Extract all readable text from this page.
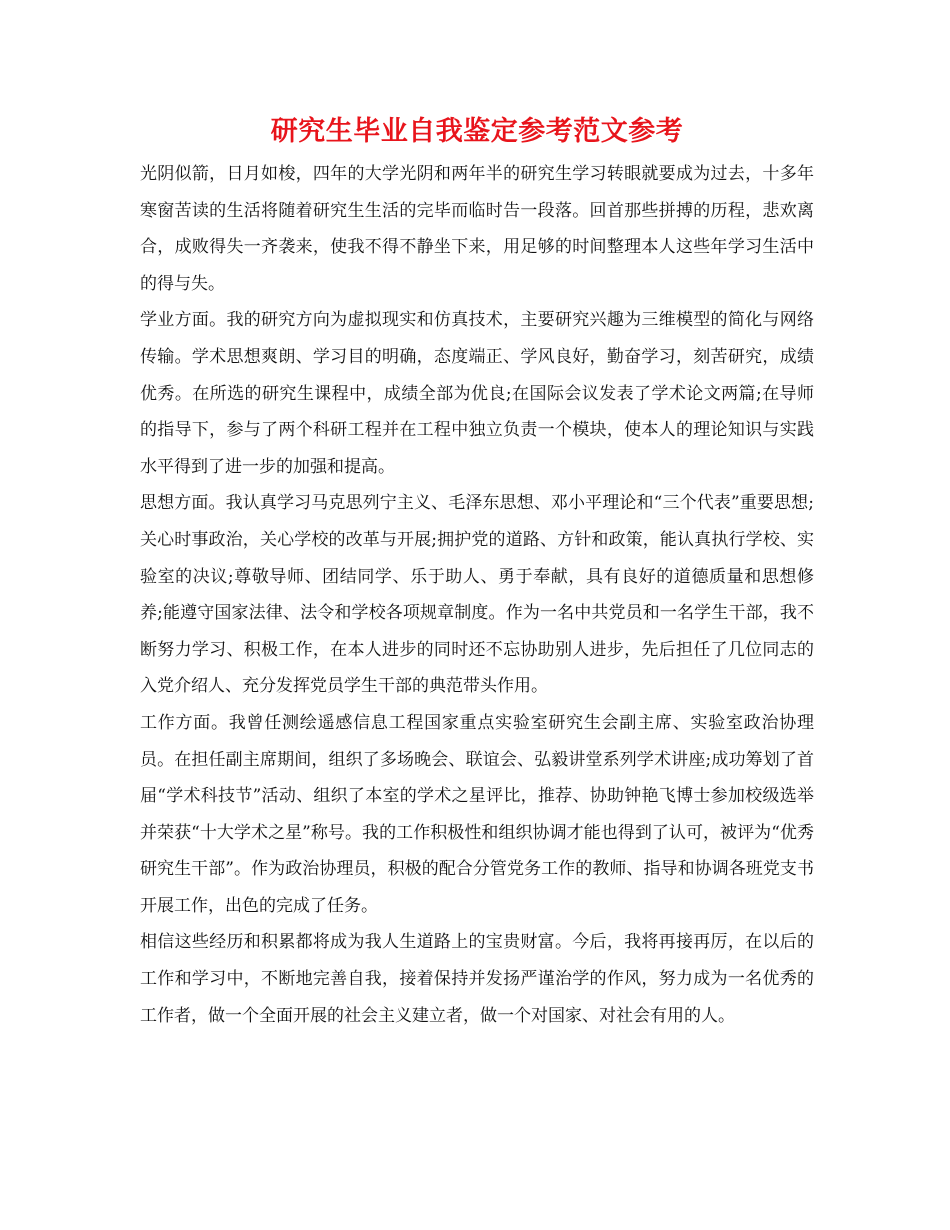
研究生毕业自我鉴定参考范文参考

光阴似箭，日月如梭，四年的大学光阴和两年半的研究生学习转眼就要成为过去，十多年寒窗苦读的生活将随着研究生生活的完毕而临时告一段落。回首那些拼搏的历程，悲欢离合，成败得失一齐袭来，使我不得不静坐下来，用足够的时间整理本人这些年学习生活中的得与失。

学业方面。我的研究方向为虚拟现实和仿真技术，主要研究兴趣为三维模型的简化与网络传输。学术思想爽朗、学习目的明确，态度端正、学风良好，勤奋学习，刻苦研究，成绩优秀。在所选的研究生课程中，成绩全部为优良;在国际会议发表了学术论文两篇;在导师的指导下，参与了两个科研工程并在工程中独立负责一个模块，使本人的理论知识与实践水平得到了进一步的加强和提高。

思想方面。我认真学习马克思列宁主义、毛泽东思想、邓小平理论和“三个代表”重要思想;关心时事政治，关心学校的改革与开展;拥护党的道路、方针和政策，能认真执行学校、实验室的决议;尊敬导师、团结同学、乐于助人、勇于奉献，具有良好的道德质量和思想修养;能遵守国家法律、法令和学校各项规章制度。作为一名中共党员和一名学生干部，我不断努力学习、积极工作，在本人进步的同时还不忘协助别人进步，先后担任了几位同志的入党介绍人、充分发挥党员学生干部的典范带头作用。

工作方面。我曾任测绘遥感信息工程国家重点实验室研究生会副主席、实验室政治协理员。在担任副主席期间，组织了多场晚会、联谊会、弘毅讲堂系列学术讲座;成功筹划了首届“学术科技节”活动、组织了本室的学术之星评比，推荐、协助钟艳飞博士参加校级选举并荣获“十大学术之星”称号。我的工作积极性和组织协调才能也得到了认可，被评为“优秀研究生干部”。作为政治协理员，积极的配合分管党务工作的教师、指导和协调各班党支书开展工作，出色的完成了任务。

相信这些经历和积累都将成为我人生道路上的宝贵财富。今后，我将再接再厉，在以后的工作和学习中，不断地完善自我，接着保持并发扬严谨治学的作风，努力成为一名优秀的工作者，做一个全面开展的社会主义建立者，做一个对国家、对社会有用的人。
